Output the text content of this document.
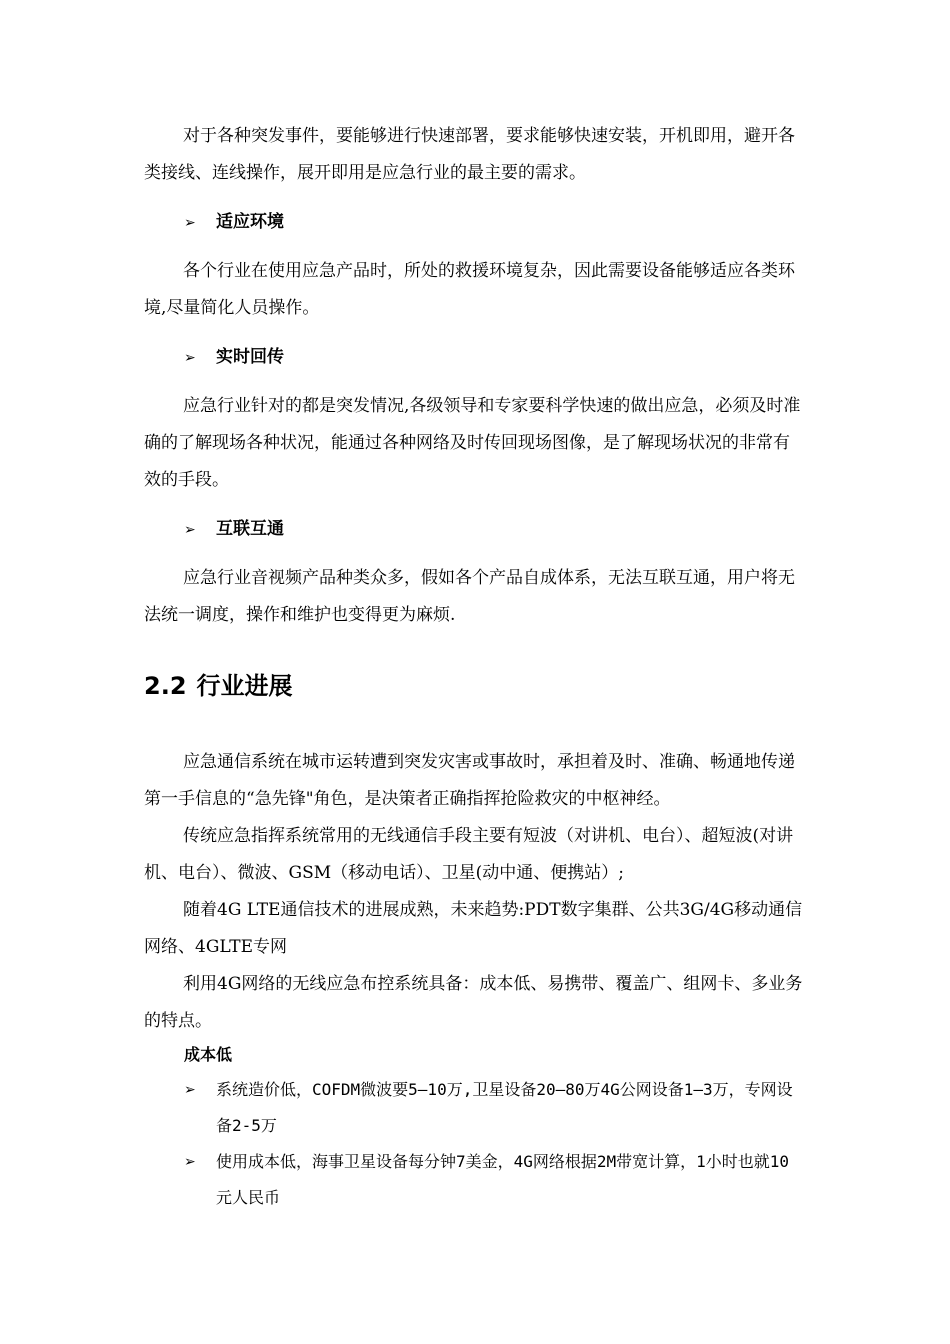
对于各种突发事件，要能够进行快速部署，要求能够快速安装，开机即用，避开各类接线、连线操作，展开即用是应急行业的最主要的需求。

➢ 适应环境

各个行业在使用应急产品时，所处的救援环境复杂，因此需要设备能够适应各类环境,尽量简化人员操作。

➢ 实时回传

应急行业针对的都是突发情况,各级领导和专家要科学快速的做出应急，必须及时准确的了解现场各种状况，能通过各种网络及时传回现场图像，是了解现场状况的非常有效的手段。

➢ 互联互通

应急行业音视频产品种类众多，假如各个产品自成体系，无法互联互通，用户将无法统一调度，操作和维护也变得更为麻烦.

2.2 行业进展

应急通信系统在城市运转遭到突发灾害或事故时，承担着及时、准确、畅通地传递第一手信息的“急先锋"角色，是决策者正确指挥抢险救灾的中枢神经。

传统应急指挥系统常用的无线通信手段主要有短波（对讲机、电台）、超短波(对讲机、电台）、微波、GSM（移动电话）、卫星(动中通、便携站）;

随着4G LTE通信技术的进展成熟，未来趋势:PDT数字集群、公共3G/4G移动通信网络、4GLTE专网

利用4G网络的无线应急布控系统具备：成本低、易携带、覆盖广、组网卡、多业务的特点。

成本低
➢	系统造价低，COFDM微波要5—10万,卫星设备20—80万4G公网设备1—3万，专网设备2-5万
➢	使用成本低，海事卫星设备每分钟7美金，4G网络根据2M带宽计算，1小时也就10元人民币
